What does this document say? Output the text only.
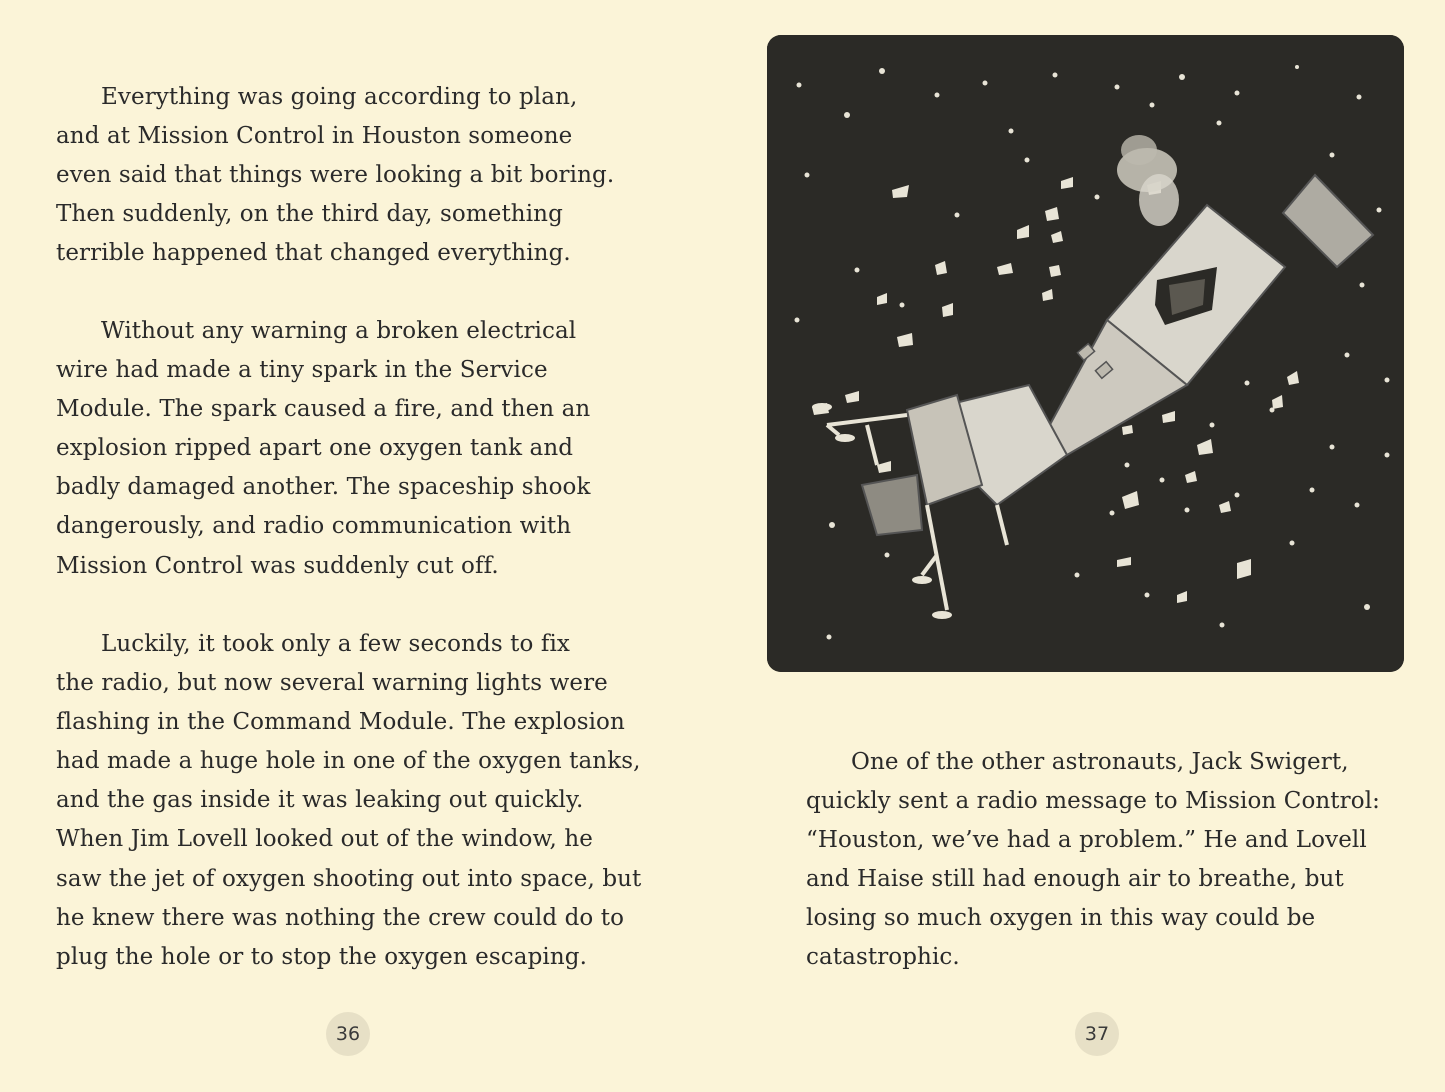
Everything was going according to plan,
and at Mission Control in Houston someone
even said that things were looking a bit boring.
Then suddenly, on the third day, something
terrible happened that changed everything.
Without any warning a broken electrical
wire had made a tiny spark in the Service
Module. The spark caused a fire, and then an
explosion ripped apart one oxygen tank and
badly damaged another. The spaceship shook
dangerously, and radio communication with
Mission Control was suddenly cut off.
Luckily, it took only a few seconds to fix
the radio, but now several warning lights were
flashing in the Command Module. The explosion
had made a huge hole in one of the oxygen tanks,
and the gas inside it was leaking out quickly.
When Jim Lovell looked out of the window, he
saw the jet of oxygen shooting out into space, but
he knew there was nothing the crew could do to
plug the hole or to stop the oxygen escaping.
36
One of the other astronauts, Jack Swigert,
quickly sent a radio message to Mission Control:
“Houston, we’ve had a problem.” He and Lovell
and Haise still had enough air to breathe, but
losing so much oxygen in this way could be
catastrophic.
37
